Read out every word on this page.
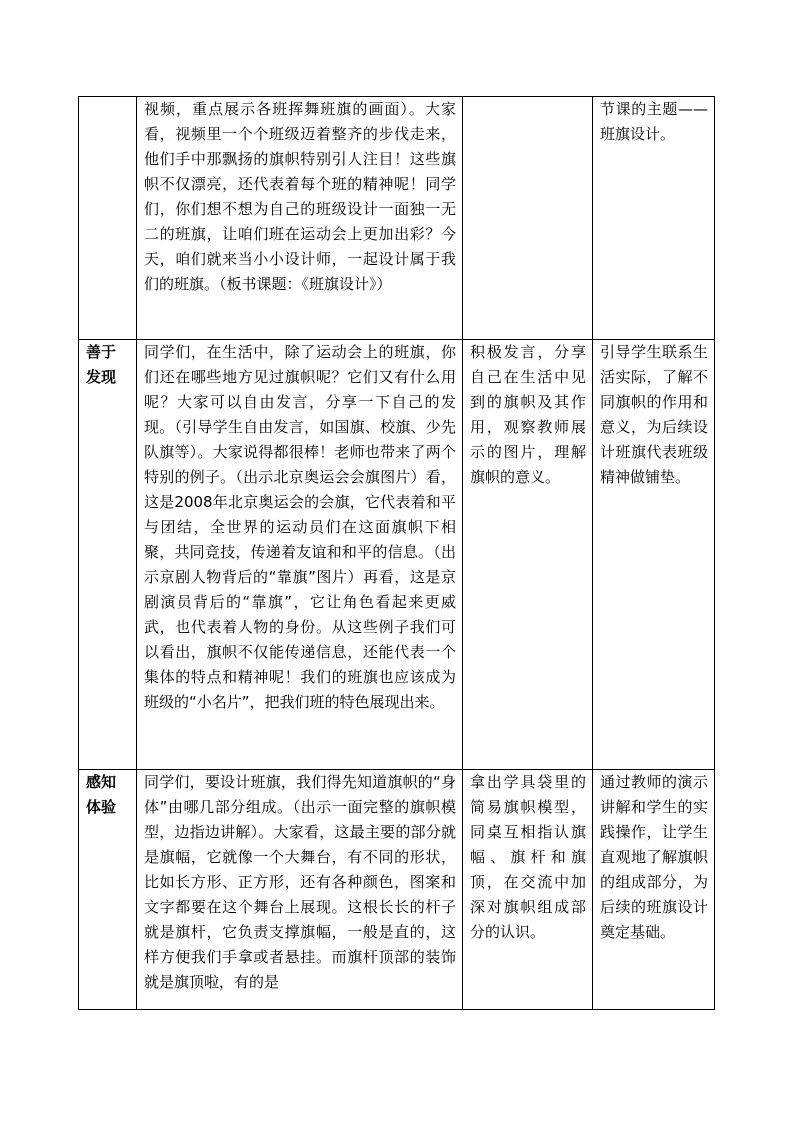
	视频，重点展示各班挥舞班旗的画面）。大家看，视频里一个个班级迈着整齐的步伐走来，他们手中那飘扬的旗帜特别引人注目！这些旗帜不仅漂亮，还代表着每个班的精神呢！同学们，你们想不想为自己的班级设计一面独一无二的班旗，让咱们班在运动会上更加出彩？今天，咱们就来当小小设计师，一起设计属于我们的班旗。（板书课题：《班旗设计》）		节课的主题——班旗设计。
善于发现	同学们，在生活中，除了运动会上的班旗，你们还在哪些地方见过旗帜呢？它们又有什么用呢？大家可以自由发言，分享一下自己的发现。（引导学生自由发言，如国旗、校旗、少先队旗等）。大家说得都很棒！老师也带来了两个特别的例子。（出示北京奥运会会旗图片）看，这是2008年北京奥运会的会旗，它代表着和平与团结，全世界的运动员们在这面旗帜下相聚，共同竞技，传递着友谊和和平的信息。（出示京剧人物背后的“靠旗”图片）再看，这是京剧演员背后的“靠旗”，它让角色看起来更威武，也代表着人物的身份。从这些例子我们可以看出，旗帜不仅能传递信息，还能代表一个集体的特点和精神呢！我们的班旗也应该成为班级的“小名片”，把我们班的特色展现出来。	积极发言，分享自己在生活中见到的旗帜及其作用，观察教师展示的图片，理解旗帜的意义。	引导学生联系生活实际，了解不同旗帜的作用和意义，为后续设计班旗代表班级精神做铺垫。
感知体验	同学们，要设计班旗，我们得先知道旗帜的“身体”由哪几部分组成。（出示一面完整的旗帜模型，边指边讲解）。大家看，这最主要的部分就是旗幅，它就像一个大舞台，有不同的形状，比如长方形、正方形，还有各种颜色，图案和文字都要在这个舞台上展现。这根长长的杆子就是旗杆，它负责支撑旗幅，一般是直的，这样方便我们手拿或者悬挂。而旗杆顶部的装饰就是旗顶啦，有的是	拿出学具袋里的简易旗帜模型，同桌互相指认旗幅、旗杆和旗顶，在交流中加深对旗帜组成部分的认识。	通过教师的演示讲解和学生的实践操作，让学生直观地了解旗帜的组成部分，为后续的班旗设计奠定基础。
